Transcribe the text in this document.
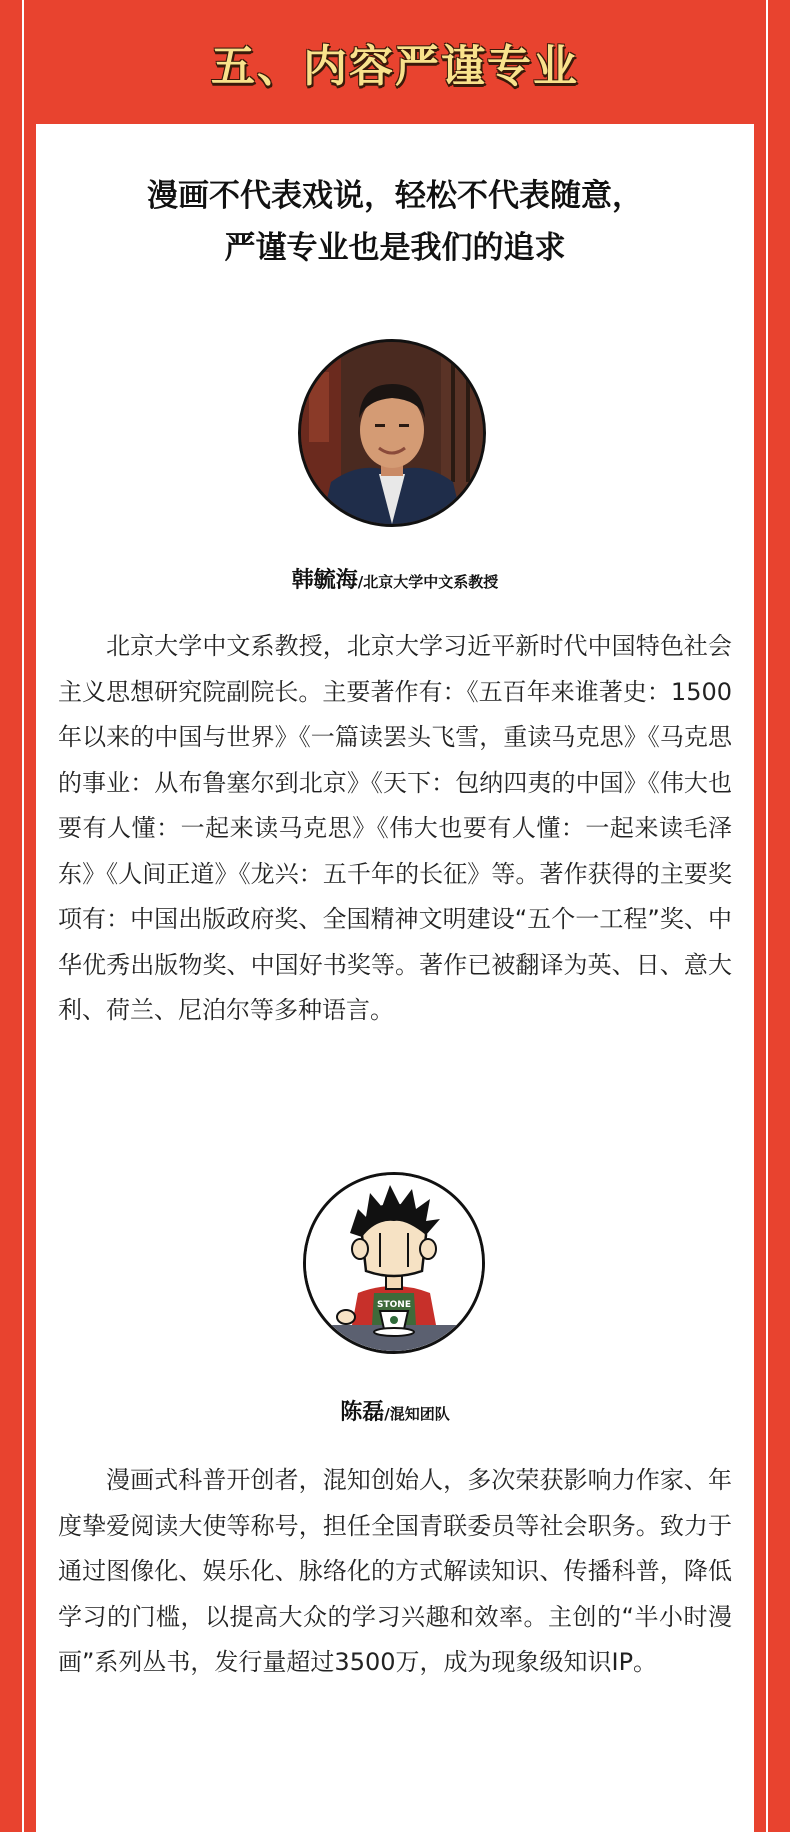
五、内容严谨专业
漫画不代表戏说，轻松不代表随意，
严谨专业也是我们的追求
韩毓海/北京大学中文系教授
北京大学中文系教授，北京大学习近平新时代中国特色社会主义思想研究院副院长。主要著作有：《五百年来谁著史：1500年以来的中国与世界》《一篇读罢头飞雪，重读马克思》《马克思的事业：从布鲁塞尔到北京》《天下：包纳四夷的中国》《伟大也要有人懂：一起来读马克思》《伟大也要有人懂：一起来读毛泽东》《人间正道》《龙兴：五千年的长征》等。著作获得的主要奖项有：中国出版政府奖、全国精神文明建设“五个一工程”奖、中华优秀出版物奖、中国好书奖等。著作已被翻译为英、日、意大利、荷兰、尼泊尔等多种语言。
STONE
陈磊/混知团队
漫画式科普开创者，混知创始人，多次荣获影响力作家、年度挚爱阅读大使等称号，担任全国青联委员等社会职务。致力于通过图像化、娱乐化、脉络化的方式解读知识、传播科普，降低学习的门槛，以提高大众的学习兴趣和效率。主创的“半小时漫画”系列丛书，发行量超过3500万，成为现象级知识IP。
